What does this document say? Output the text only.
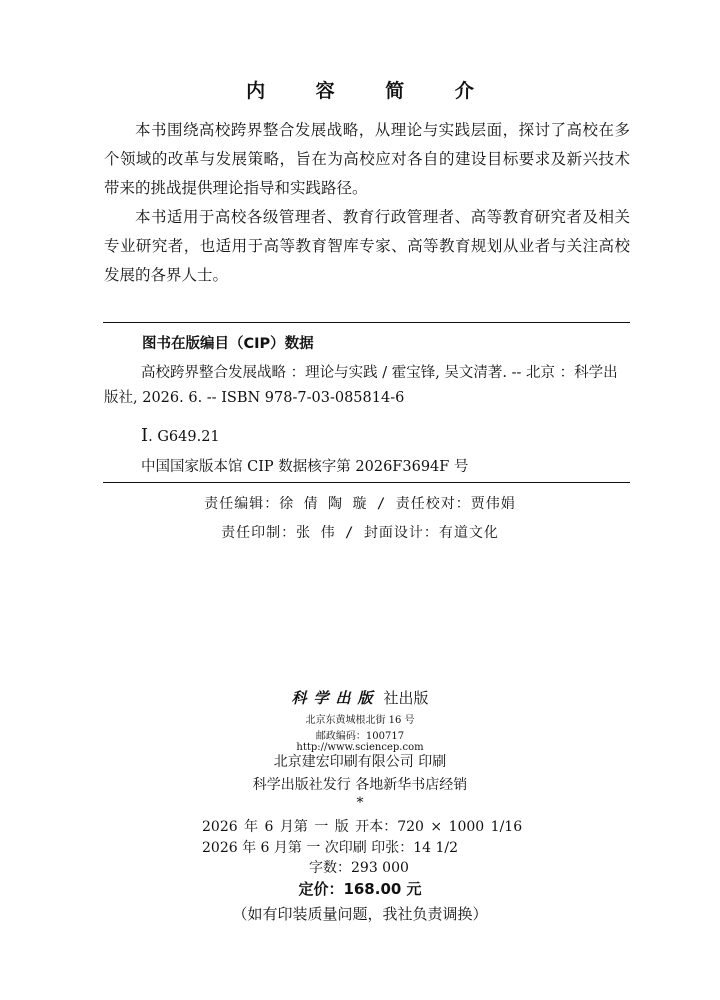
内 容 简 介

本书围绕高校跨界整合发展战略，从理论与实践层面，探讨了高校在多个领域的改革与发展策略，旨在为高校应对各自的建设目标要求及新兴技术带来的挑战提供理论指导和实践路径。

本书适用于高校各级管理者、教育行政管理者、高等教育研究者及相关专业研究者，也适用于高等教育智库专家、高等教育规划从业者与关注高校发展的各界人士。

图书在版编目（CIP）数据
高校跨界整合发展战略 ：理论与实践 / 霍宝锋, 吴文清著. -- 北京 ：科学出版社, 2026. 6. -- ISBN 978-7-03-085814-6
Ⅰ. G649.21
中国国家版本馆 CIP 数据核字第 2026F3694F 号
责任编辑：徐 倩 陶 璇 / 责任校对：贾伟娟
责任印制：张 伟 / 封面设计：有道文化
科学出版 社出版
北京东黄城根北街 16 号
邮政编码：100717
http://www.sciencep.com
北京建宏印刷有限公司 印刷
科学出版社发行 各地新华书店经销
*
2026 年 6 月第 一 版 开本：720 × 1000 1/16
2026 年 6 月第 一 次印刷 印张：14 1/2
字数：293 000
定价：168.00 元
（如有印装质量问题，我社负责调换）
